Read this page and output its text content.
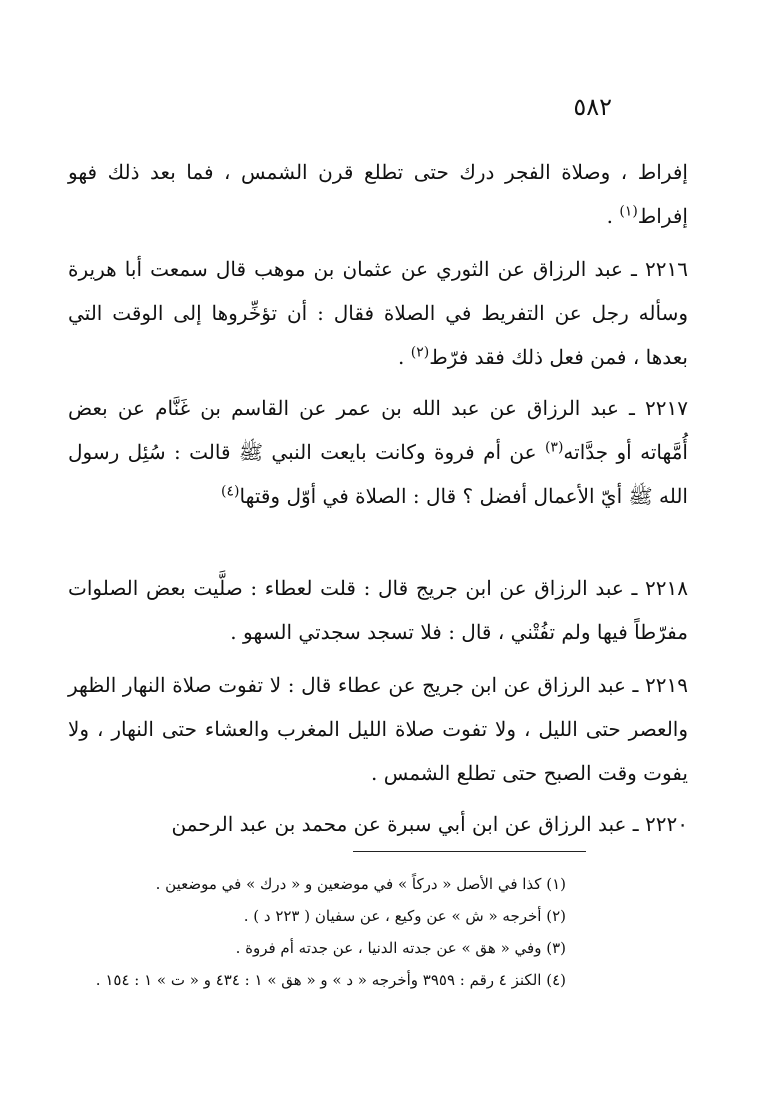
٥٨٢
إفراط ، وصلاة الفجر درك حتى تطلع قرن الشمس ، فما بعد ذلك فهو إفراط$^{(١)}$ .
٢٢١٦ ـ عبد الرزاق عن الثوري عن عثمان بن موهب قال سمعت أبا هريرة وسأله رجل عن التفريط في الصلاة فقال : أن تؤخِّروها إلى الوقت التي بعدها ، فمن فعل ذلك فقد فرّط$^{(٢)}$ .
٢٢١٧ ـ عبد الرزاق عن عبد الله بن عمر عن القاسم بن غَنَّام عن بعض أُمَّهاته أو جدَّاته$^{(٣)}$ عن أم فروة وكانت بايعت النبي ﷺ قالت : سُئِل رسول الله ﷺ أيّ الأعمال أفضل ؟ قال : الصلاة في أوّل وقتها$^{(٤)}$
٢٢١٨ ـ عبد الرزاق عن ابن جريج قال : قلت لعطاء : صلَّيت بعض الصلوات مفرّطاً فيها ولم تفُتْني ، قال : فلا تسجد سجدتي السهو .
٢٢١٩ ـ عبد الرزاق عن ابن جريج عن عطاء قال : لا تفوت صلاة النهار الظهر والعصر حتى الليل ، ولا تفوت صلاة الليل المغرب والعشاء حتى النهار ، ولا يفوت وقت الصبح حتى تطلع الشمس .
٢٢٢٠ ـ عبد الرزاق عن ابن أبي سبرة عن محمد بن عبد الرحمن
(١) كذا في الأصل « دركاً » في موضعين و « درك » في موضعين .
(٢) أخرجه « ش » عن وكيع ، عن سفيان ( ٢٢٣ د ) .
(٣) وفي « هق » عن جدته الدنيا ، عن جدته أم فروة .
(٤) الكنز ٤ رقم : ٣٩٥٩ وأخرجه « د » و « هق » ١ : ٤٣٤ و « ت » ١ : ١٥٤ .
